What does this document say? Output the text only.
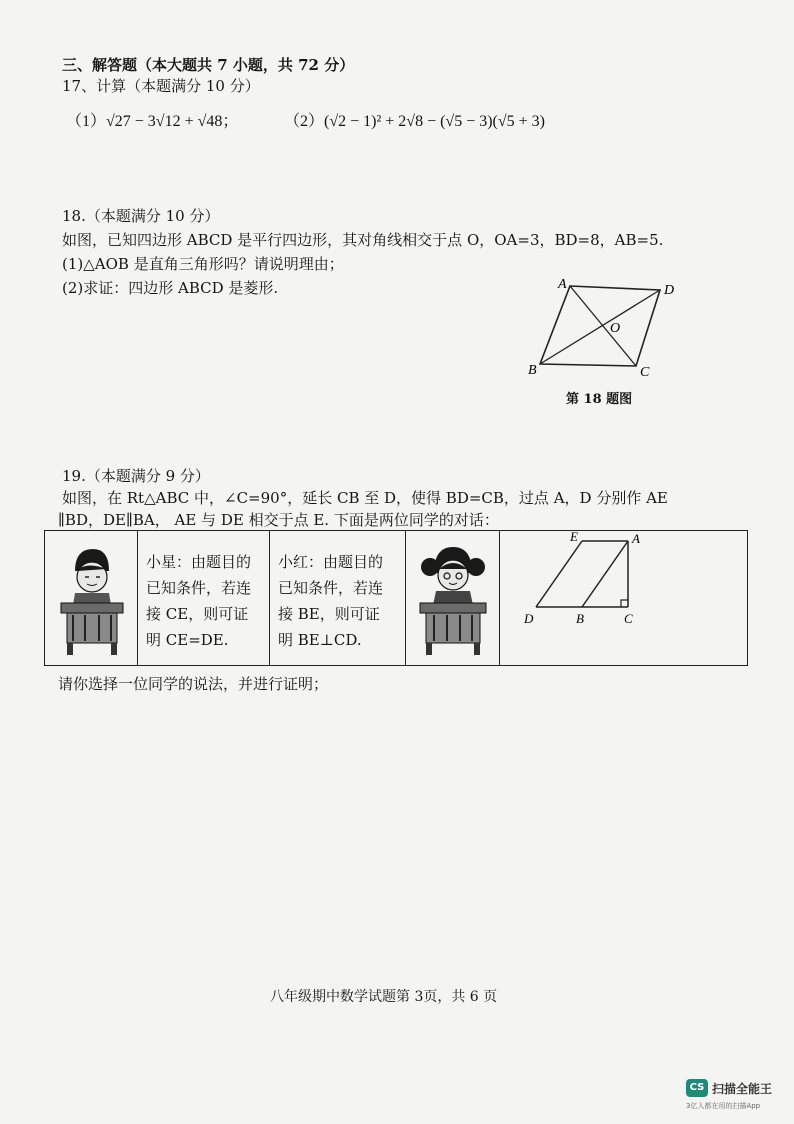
三、解答题（本大题共 7 小题，共 72 分）
17、计算（本题满分 10 分）
（1）√27 − 3√12 + √48；	（2）(√2 − 1)² + 2√8 − (√5 − 3)(√5 + 3)
18.（本题满分 10 分）
如图，已知四边形 ABCD 是平行四边形，其对角线相交于点 O，OA=3，BD=8，AB=5.
(1)△AOB 是直角三角形吗？请说明理由；
(2)求证：四边形 ABCD 是菱形.	A	D
O
B	C
第 18 题图
19.（本题满分 9 分）
如图，在 Rt△ABC 中，∠C=90°，延长 CB 至 D，使得 BD=CB，过点 A，D 分别作 AE
∥BD，DE∥BA， AE 与 DE 相交于点 E. 下面是两位同学的对话：
小星：由题目的
已知条件，若连
接 CE，则可证
明 CE=DE.
小红：由题目的
已知条件，若连
接 BE，则可证
明 BE⊥CD.
E	A
D	B	C
请你选择一位同学的说法，并进行证明；
八年级期中数学试题第 3页，共 6 页
CS 扫描全能王
3亿人都在用的扫描App
